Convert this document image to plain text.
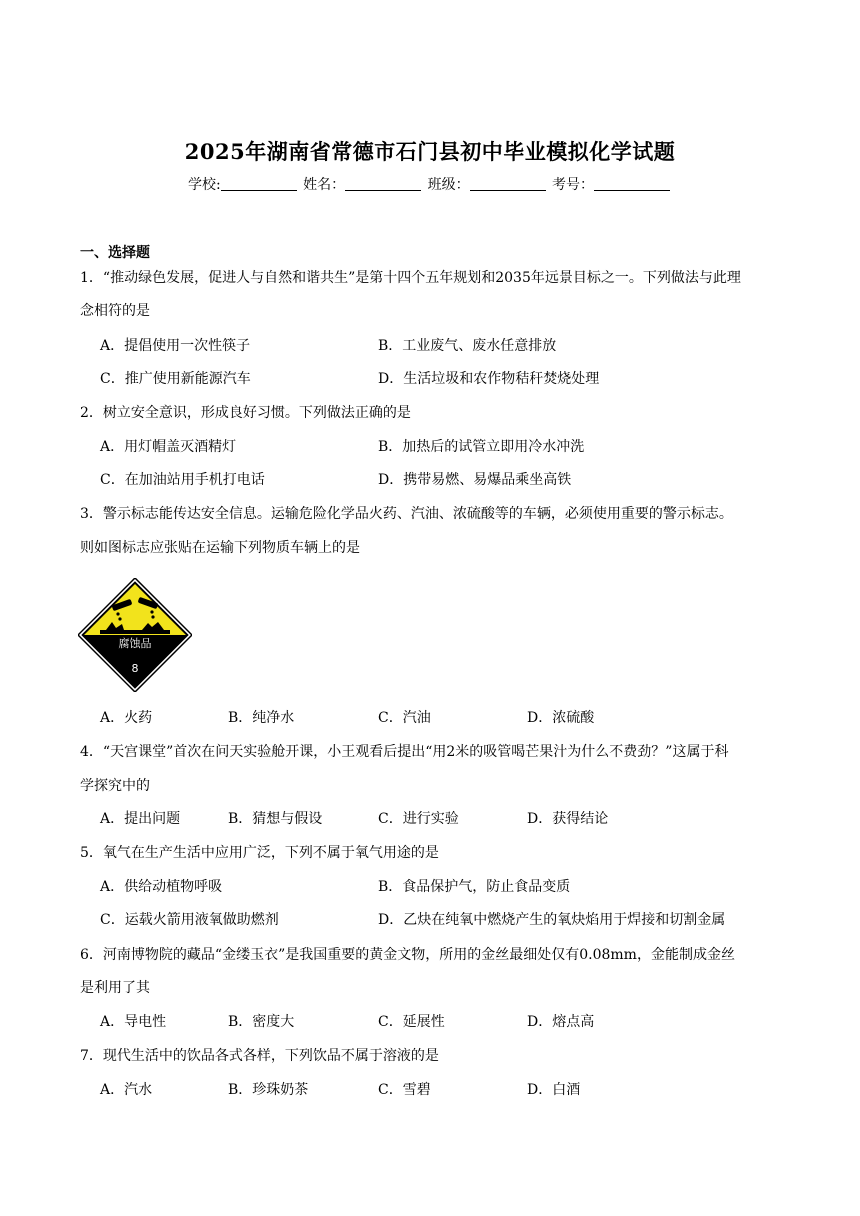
2025年湖南省常德市石门县初中毕业模拟化学试题
学校:	姓名：	班级：	考号：
一、选择题
1．“推动绿色发展，促进人与自然和谐共生”是第十四个五年规划和2035年远景目标之一。下列做法与此理
念相符的是
A．提倡使用一次性筷子	B．工业废气、废水任意排放
C．推广使用新能源汽车	D．生活垃圾和农作物秸秆焚烧处理
2．树立安全意识，形成良好习惯。下列做法正确的是
A．用灯帽盖灭酒精灯	B．加热后的试管立即用冷水冲洗
C．在加油站用手机打电话	D．携带易燃、易爆品乘坐高铁
3．警示标志能传达安全信息。运输危险化学品火药、汽油、浓硫酸等的车辆，必须使用重要的警示标志。
则如图标志应张贴在运输下列物质车辆上的是
腐蚀品
8
A．火药	B．纯净水	C．汽油	D．浓硫酸
4．“天宫课堂”首次在问天实验舱开课，小王观看后提出“用2米的吸管喝芒果汁为什么不费劲？”这属于科
学探究中的
A．提出问题	B．猜想与假设	C．进行实验	D．获得结论
5．氧气在生产生活中应用广泛，下列不属于氧气用途的是
A．供给动植物呼吸	B．食品保护气，防止食品变质
C．运载火箭用液氧做助燃剂	D．乙炔在纯氧中燃烧产生的氧炔焰用于焊接和切割金属
6．河南博物院的藏品“金缕玉衣”是我国重要的黄金文物，所用的金丝最细处仅有0.08mm，金能制成金丝
是利用了其
A．导电性	B．密度大	C．延展性	D．熔点高
7．现代生活中的饮品各式各样，下列饮品不属于溶液的是
A．汽水	B．珍珠奶茶	C．雪碧	D．白酒
